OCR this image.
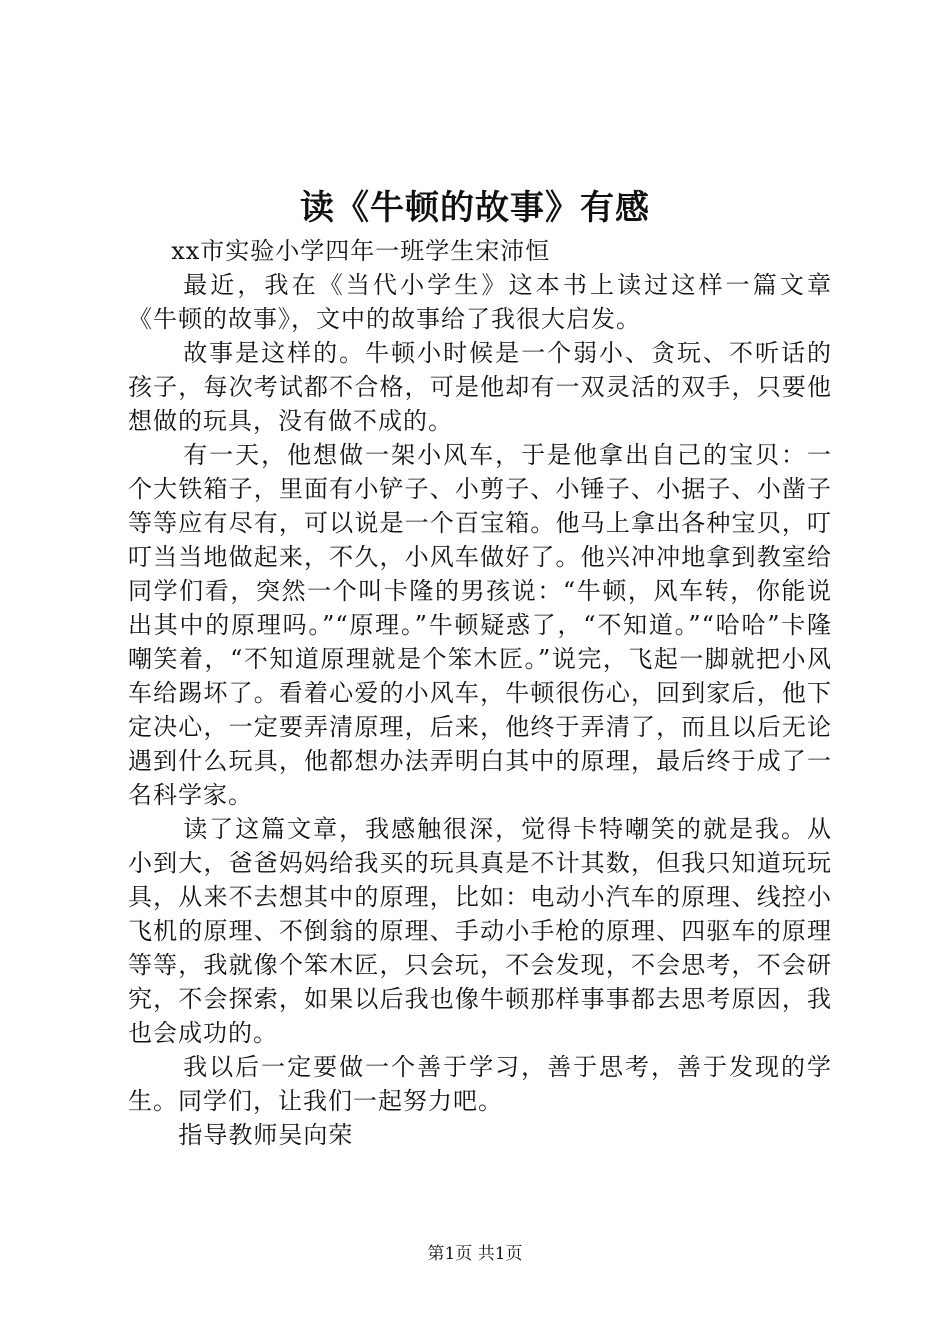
读《牛顿的故事》有感

xx市实验小学四年一班学生宋沛恒

最近，我在《当代小学生》这本书上读过这样一篇文章《牛顿的故事》，文中的故事给了我很大启发。

故事是这样的。牛顿小时候是一个弱小、贪玩、不听话的孩子，每次考试都不合格，可是他却有一双灵活的双手，只要他想做的玩具，没有做不成的。

有一天，他想做一架小风车，于是他拿出自己的宝贝：一个大铁箱子，里面有小铲子、小剪子、小锤子、小据子、小凿子等等应有尽有，可以说是一个百宝箱。他马上拿出各种宝贝，叮叮当当地做起来，不久，小风车做好了。他兴冲冲地拿到教室给同学们看，突然一个叫卡隆的男孩说：“牛顿，风车转，你能说出其中的原理吗。”“原理。”牛顿疑惑了，“不知道。”“哈哈”卡隆嘲笑着，“不知道原理就是个笨木匠。”说完，飞起一脚就把小风车给踢坏了。看着心爱的小风车，牛顿很伤心，回到家后，他下定决心，一定要弄清原理，后来，他终于弄清了，而且以后无论遇到什么玩具，他都想办法弄明白其中的原理，最后终于成了一名科学家。

读了这篇文章，我感触很深，觉得卡特嘲笑的就是我。从小到大，爸爸妈妈给我买的玩具真是不计其数，但我只知道玩玩具，从来不去想其中的原理，比如：电动小汽车的原理、线控小飞机的原理、不倒翁的原理、手动小手枪的原理、四驱车的原理等等，我就像个笨木匠，只会玩，不会发现，不会思考，不会研究，不会探索，如果以后我也像牛顿那样事事都去思考原因，我也会成功的。

我以后一定要做一个善于学习，善于思考，善于发现的学生。同学们，让我们一起努力吧。

指导教师吴向荣

第1页 共1页
